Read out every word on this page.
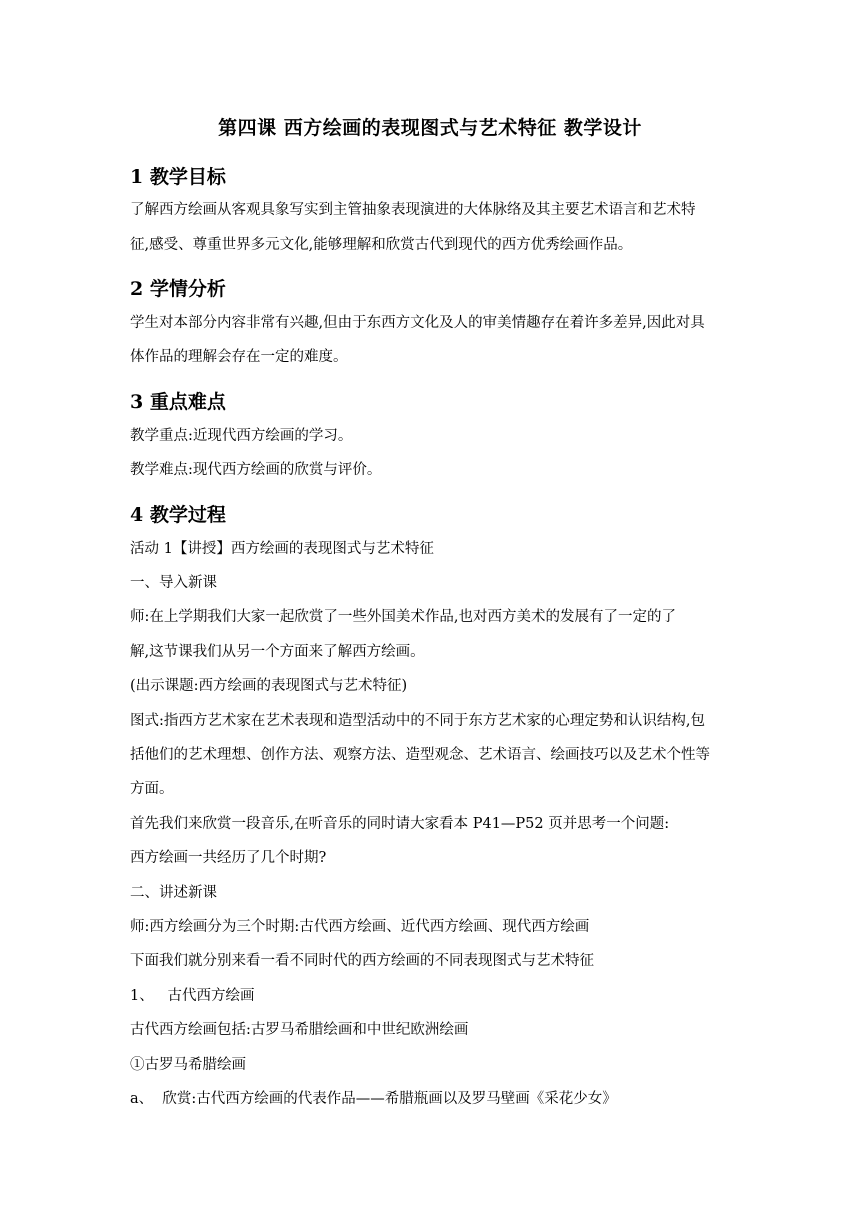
第四课 西方绘画的表现图式与艺术特征 教学设计
1 教学目标
了解西方绘画从客观具象写实到主管抽象表现演进的大体脉络及其主要艺术语言和艺术特
征,感受、尊重世界多元文化,能够理解和欣赏古代到现代的西方优秀绘画作品。
2 学情分析
学生对本部分内容非常有兴趣,但由于东西方文化及人的审美情趣存在着许多差异,因此对具
体作品的理解会存在一定的难度。
3 重点难点
教学重点:近现代西方绘画的学习。
教学难点:现代西方绘画的欣赏与评价。
4 教学过程
活动 1【讲授】西方绘画的表现图式与艺术特征
一、导入新课
师:在上学期我们大家一起欣赏了一些外国美术作品,也对西方美术的发展有了一定的了
解,这节课我们从另一个方面来了解西方绘画。
(出示课题:西方绘画的表现图式与艺术特征)
图式:指西方艺术家在艺术表现和造型活动中的不同于东方艺术家的心理定势和认识结构,包
括他们的艺术理想、创作方法、观察方法、造型观念、艺术语言、绘画技巧以及艺术个性等
方面。
首先我们来欣赏一段音乐,在听音乐的同时请大家看本 P41—P52 页并思考一个问题:
西方绘画一共经历了几个时期?
二、讲述新课
师:西方绘画分为三个时期:古代西方绘画、近代西方绘画、现代西方绘画
下面我们就分别来看一看不同时代的西方绘画的不同表现图式与艺术特征
1、   古代西方绘画
古代西方绘画包括:古罗马希腊绘画和中世纪欧洲绘画
①古罗马希腊绘画
a、  欣赏:古代西方绘画的代表作品——希腊瓶画以及罗马壁画《采花少女》
